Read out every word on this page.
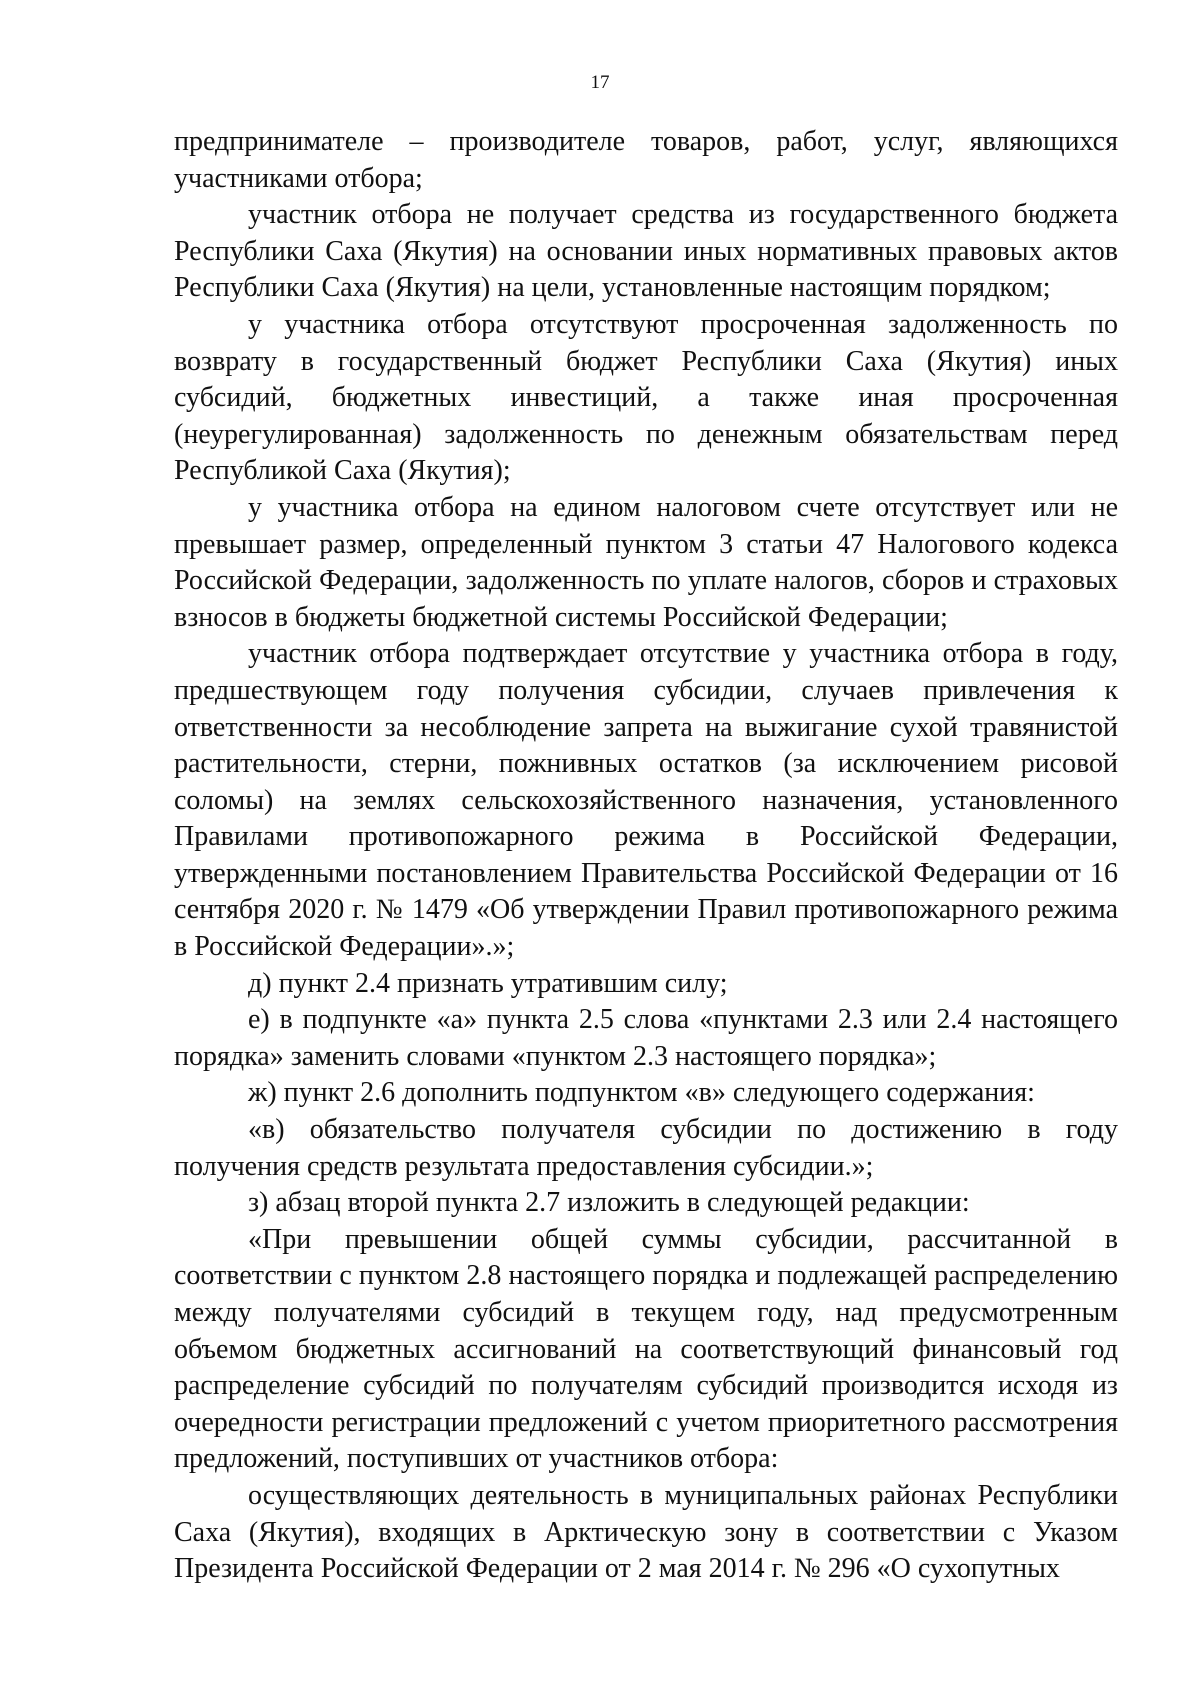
17

предпринимателе – производителе товаров, работ, услуг, являющихся участниками отбора;

участник отбора не получает средства из государственного бюджета Республики Саха (Якутия) на основании иных нормативных правовых актов Республики Саха (Якутия) на цели, установленные настоящим порядком;

у участника отбора отсутствуют просроченная задолженность по возврату в государственный бюджет Республики Саха (Якутия) иных субсидий, бюджетных инвестиций, а также иная просроченная (неурегулированная) задолженность по денежным обязательствам перед Республикой Саха (Якутия);

у участника отбора на едином налоговом счете отсутствует или не превышает размер, определенный пунктом 3 статьи 47 Налогового кодекса Российской Федерации, задолженность по уплате налогов, сборов и страховых взносов в бюджеты бюджетной системы Российской Федерации;

участник отбора подтверждает отсутствие у участника отбора в году, предшествующем году получения субсидии, случаев привлечения к ответственности за несоблюдение запрета на выжигание сухой травянистой растительности, стерни, пожнивных остатков (за исключением рисовой соломы) на землях сельскохозяйственного назначения, установленного Правилами противопожарного режима в Российской Федерации, утвержденными постановлением Правительства Российской Федерации от 16 сентября 2020 г. № 1479 «Об утверждении Правил противопожарного режима в Российской Федерации».»;

д) пункт 2.4 признать утратившим силу;

е) в подпункте «а» пункта 2.5 слова «пунктами 2.3 или 2.4 настоящего порядка» заменить словами «пунктом 2.3 настоящего порядка»;

ж) пункт 2.6 дополнить подпунктом «в» следующего содержания:

«в) обязательство получателя субсидии по достижению в году получения средств результата предоставления субсидии.»;

з) абзац второй пункта 2.7 изложить в следующей редакции:

«При превышении общей суммы субсидии, рассчитанной в соответствии с пунктом 2.8 настоящего порядка и подлежащей распределению между получателями субсидий в текущем году, над предусмотренным объемом бюджетных ассигнований на соответствующий финансовый год распределение субсидий по получателям субсидий производится исходя из очередности регистрации предложений с учетом приоритетного рассмотрения предложений, поступивших от участников отбора:

осуществляющих деятельность в муниципальных районах Республики Саха (Якутия), входящих в Арктическую зону в соответствии с Указом Президента Российской Федерации от 2 мая 2014 г. № 296 «О сухопутных
